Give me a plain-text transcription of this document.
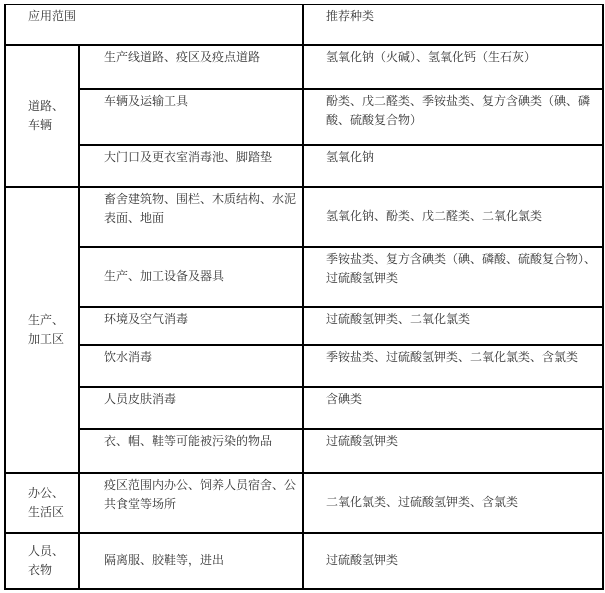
应用范围		推荐种类
道路、车辆	生产线道路、疫区及疫点道路	氢氧化钠（火碱）、氢氧化钙（生石灰）
	车辆及运输工具	酚类、戊二醛类、季铵盐类、复方含碘类（碘、磷酸、硫酸复合物）
	大门口及更衣室消毒池、脚踏垫	氢氧化钠
生产、加工区	畜舍建筑物、围栏、木质结构、水泥表面、地面	氢氧化钠、酚类、戊二醛类、二氧化氯类
	生产、加工设备及器具	季铵盐类、复方含碘类（碘、磷酸、硫酸复合物）、过硫酸氢钾类
	环境及空气消毒	过硫酸氢钾类、二氧化氯类
	饮水消毒	季铵盐类、过硫酸氢钾类、二氧化氯类、含氯类
	人员皮肤消毒	含碘类
	衣、帽、鞋等可能被污染的物品	过硫酸氢钾类
办公、生活区	疫区范围内办公、饲养人员宿舍、公共食堂等场所	二氧化氯类、过硫酸氢钾类、含氯类
人员、衣物	隔离服、胶鞋等，进出	过硫酸氢钾类
